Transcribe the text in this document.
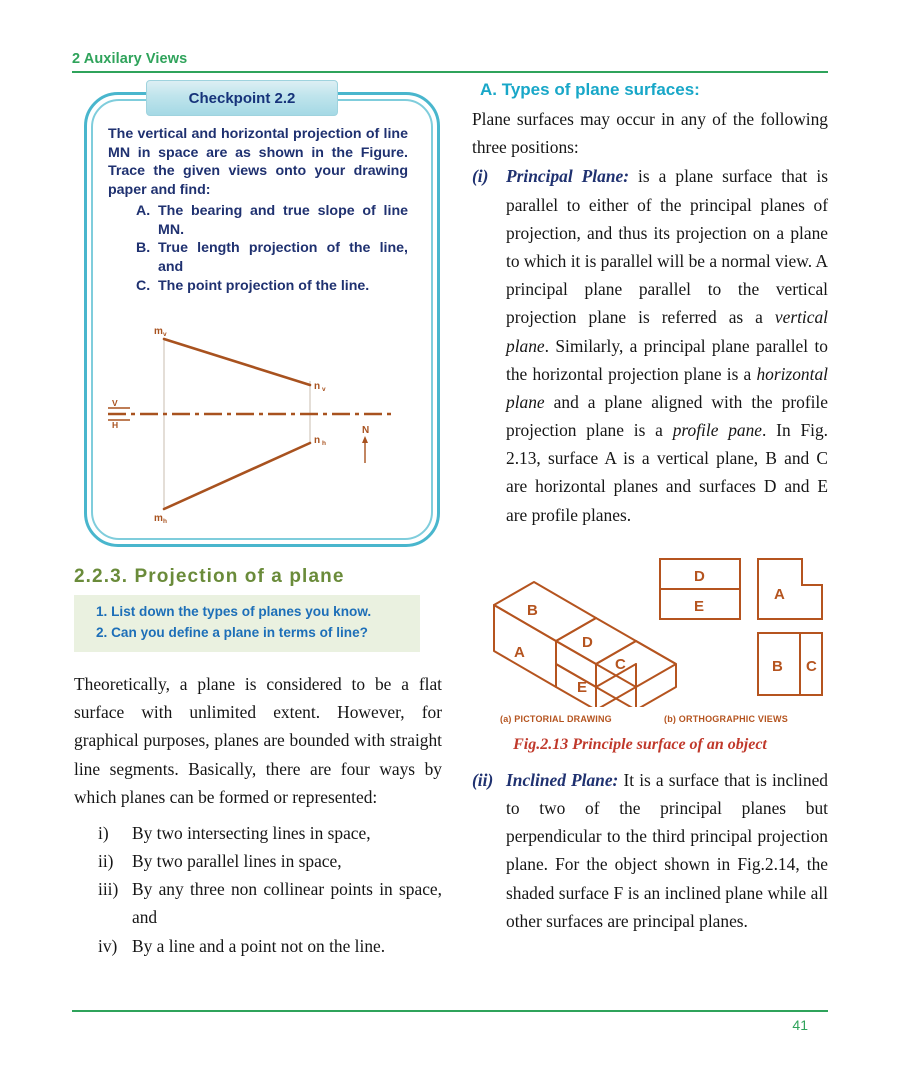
2 Auxilary Views
Checkpoint 2.2

The vertical and horizontal projection of line MN in space are as shown in the Figure. Trace the given views onto your drawing paper and find:

A. The bearing and true slope of line MN.
B. True length projection of the line, and
C. The point projection of the line.
V
H
m v
n v
n h
m h
N
2.2.3. Projection of a plane

1. List down the types of planes you know.

2. Can you define a plane in terms of line?

Theoretically, a plane is considered to be a flat surface with unlimited extent. However, for graphical purposes, planes are bounded with straight line segments. Basically, there are four ways by which planes can be formed or represented:

i)	By two intersecting lines in space,
ii)	By two parallel lines in space,
iii) By any three non collinear points in space, and
iv) By a line and a point not on the line.
A. Types of plane surfaces:

Plane surfaces may occur in any of the following three positions:

(i)	Principal Plane: is a plane surface that is parallel to either of the principal planes of projection, and thus its projection on a plane to which it is parallel will be a normal view. A principal plane parallel to the vertical projection plane is referred as a vertical plane. Similarly, a principal plane parallel to the horizontal projection plane is a horizontal plane and a plane aligned with the profile projection plane is a profile pane. In Fig. 2.13, surface A is a vertical plane, B and C are horizontal planes and surfaces D and E are profile planes.
B
D
A
C
E
D
E
A
B C
(a) PICTORIAL DRAWING	(b) ORTHOGRAPHIC VIEWS
Fig.2.13 Principle surface of an object
(ii) Inclined Plane: It is a surface that is inclined to two of the principal planes but perpendicular to the third principal projection plane. For the object shown in Fig.2.14, the shaded surface F is an inclined plane while all other surfaces are principal planes.
41
